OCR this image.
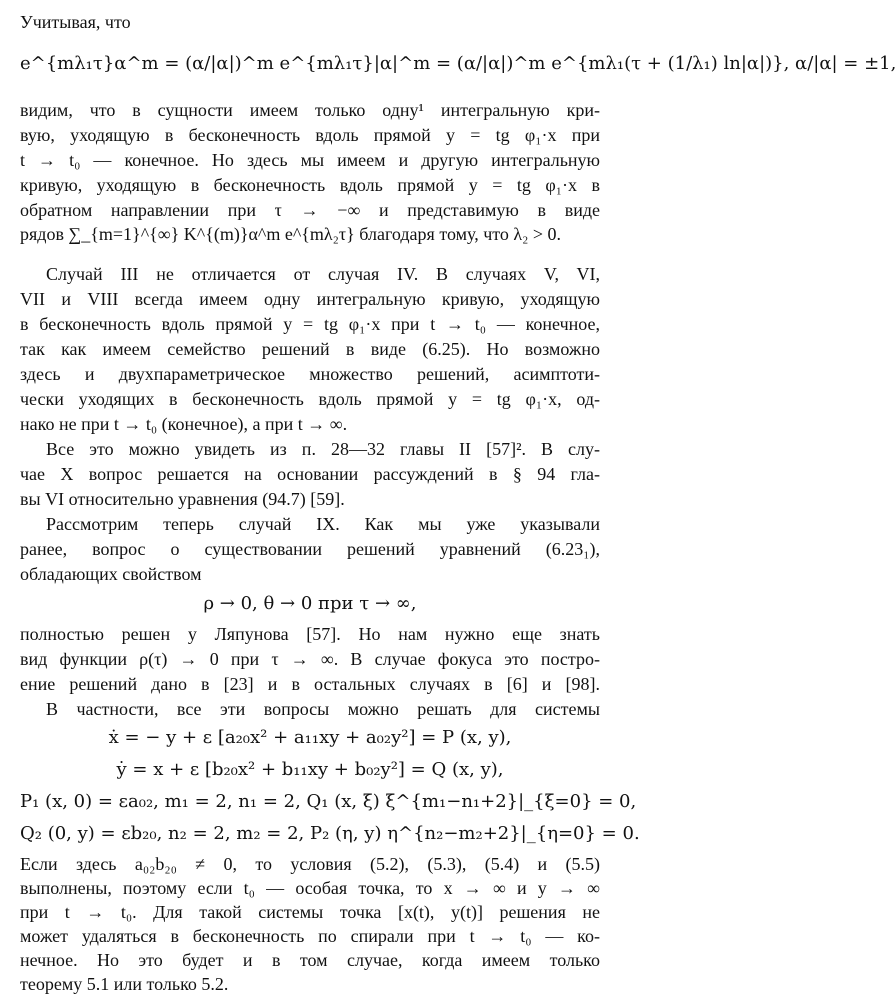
Учитывая, что
e^{mλ₁τ}α^m = (α/|α|)^m e^{mλ₁τ}|α|^m = (α/|α|)^m e^{mλ₁(τ + (1/λ₁) ln|α|)}, α/|α| = ±1,
видим, что в сущности имеем только одну¹ интегральную кри-
вую, уходящую в бесконечность вдоль прямой y = tg φ₁·x при
t → t₀ — конечное. Но здесь мы имеем и другую интегральную
кривую, уходящую в бесконечность вдоль прямой y = tg φ₁·x в
обратном направлении при τ → −∞ и представимую в виде
рядов ∑_{m=1}^{∞} K^{(m)}α^m e^{mλ₂τ} благодаря тому, что λ₂ > 0.
Случай III не отличается от случая IV. В случаях V, VI,
VII и VIII всегда имеем одну интегральную кривую, уходящую
в бесконечность вдоль прямой y = tg φ₁·x при t → t₀ — конечное,
так как имеем семейство решений в виде (6.25). Но возможно
здесь и двухпараметрическое множество решений, асимптоти-
чески уходящих в бесконечность вдоль прямой y = tg φ₁·x, од-
нако не при t → t₀ (конечное), а при t → ∞.
Все это можно увидеть из п. 28—32 главы II [57]². В слу-
чае X вопрос решается на основании рассуждений в § 94 гла-
вы VI относительно уравнения (94.7) [59].
Рассмотрим теперь случай IX. Как мы уже указывали
ранее, вопрос о существовании решений уравнений (6.23₁),
обладающих свойством
ρ → 0, θ → 0 при τ → ∞,
полностью решен у Ляпунова [57]. Но нам нужно еще знать
вид функции ρ(τ) → 0 при τ → ∞. В случае фокуса это постро-
ение решений дано в [23] и в остальных случаях в [6] и [98].
В частности, все эти вопросы можно решать для системы
ẋ = − y + ε [a₂₀x² + a₁₁xy + a₀₂y²] = P (x, y),
ẏ = x + ε [b₂₀x² + b₁₁xy + b₀₂y²] = Q (x, y),
P₁ (x, 0) = εa₀₂, m₁ = 2, n₁ = 2, Q₁ (x, ξ) ξ^{m₁−n₁+2}|_{ξ=0} = 0,
Q₂ (0, y) = εb₂₀, n₂ = 2, m₂ = 2, P₂ (η, y) η^{n₂−m₂+2}|_{η=0} = 0.
Если здесь a₀₂b₂₀ ≠ 0, то условия (5.2), (5.3), (5.4) и (5.5)
выполнены, поэтому если t₀ — особая точка, то x → ∞ и y → ∞
при t → t₀. Для такой системы точка [x(t), y(t)] решения не
может удаляться в бесконечность по спирали при t → t₀ — ко-
нечное. Но это будет и в том случае, когда имеем только
теорему 5.1 или только 5.2.
